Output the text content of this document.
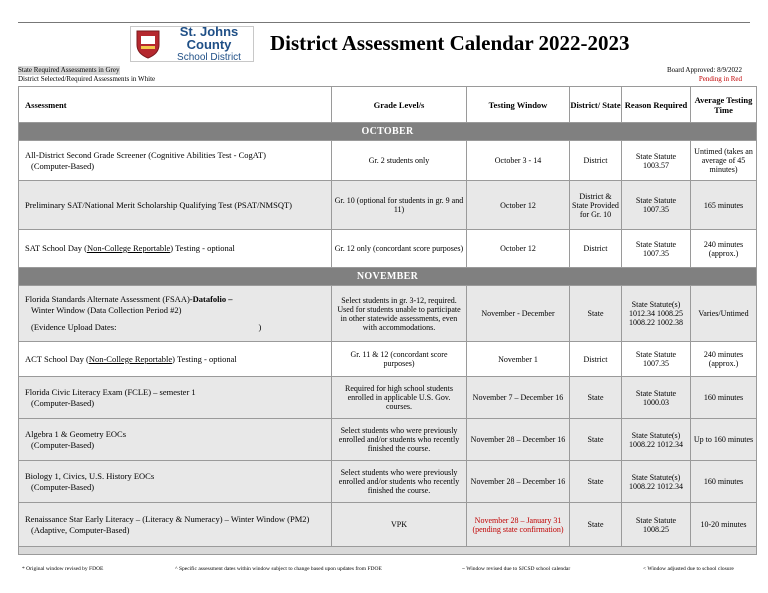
St. Johns County
School District
District Assessment Calendar 2022-2023
State Required Assessments in Grey
District Selected/Required Assessments in White
Board Approved: 8/9/2022
Pending in Red
Assessment	Grade Level/s	Testing Window	District/ State	Reason Required	Average Testing Time
OCTOBER					

All-District Second Grade Screener (Cognitive Abilities Test - CogAT)
(Computer-Based)	Gr. 2 students only	October 3 - 14	District	State Statute 1003.57	Untimed (takes an average of 45 minutes)
Preliminary SAT/National Merit Scholarship Qualifying Test (PSAT/NMSQT)	Gr. 10 (optional for students in gr. 9 and 11)	October 12	District & State Provided for Gr. 10	State Statute 1007.35	165 minutes
SAT School Day (Non-College Reportable) Testing - optional	Gr. 12 only (concordant score purposes)	October 12	District	State Statute 1007.35	240 minutes (approx.)
NOVEMBER					

Florida Standards Alternate Assessment (FSAA)-Datafolio –
Winter Window (Data Collection Period #2)
(Evidence Upload Dates: )	Select students in gr. 3-12, required. Used for students unable to participate in other statewide assessments, even with accommodations.	November - December	State	State Statute(s) 1012.34 1008.25 1008.22 1002.38	Varies/Untimed
ACT School Day (Non-College Reportable) Testing - optional	Gr. 11 & 12 (concordant score purposes)	November 1	District	State Statute 1007.35	240 minutes (approx.)

Florida Civic Literacy Exam (FCLE) – semester 1
(Computer-Based)	Required for high school students enrolled in applicable U.S. Gov. courses.	November 7 – December 16	State	State Statute 1000.03	160 minutes

Algebra 1 & Geometry EOCs
(Computer-Based)	Select students who were previously enrolled and/or students who recently finished the course.	November 28 – December 16	State	State Statute(s) 1008.22 1012.34	Up to 160 minutes

Biology 1, Civics, U.S. History EOCs
(Computer-Based)	Select students who were previously enrolled and/or students who recently finished the course.	November 28 – December 16	State	State Statute(s) 1008.22 1012.34	160 minutes

Renaissance Star Early Literacy – (Literacy & Numeracy) – Winter Window (PM2)
(Adaptive, Computer-Based)	VPK	November 28 – January 31 (pending state confirmation)	State	State Statute 1008.25	10-20 minutes

* Original window revised by FDOE	^ Specific assessment dates within window subject to change based upon updates from FDOE	~ Window revised due to SJCSD school calendar	< Window adjusted due to school closure
